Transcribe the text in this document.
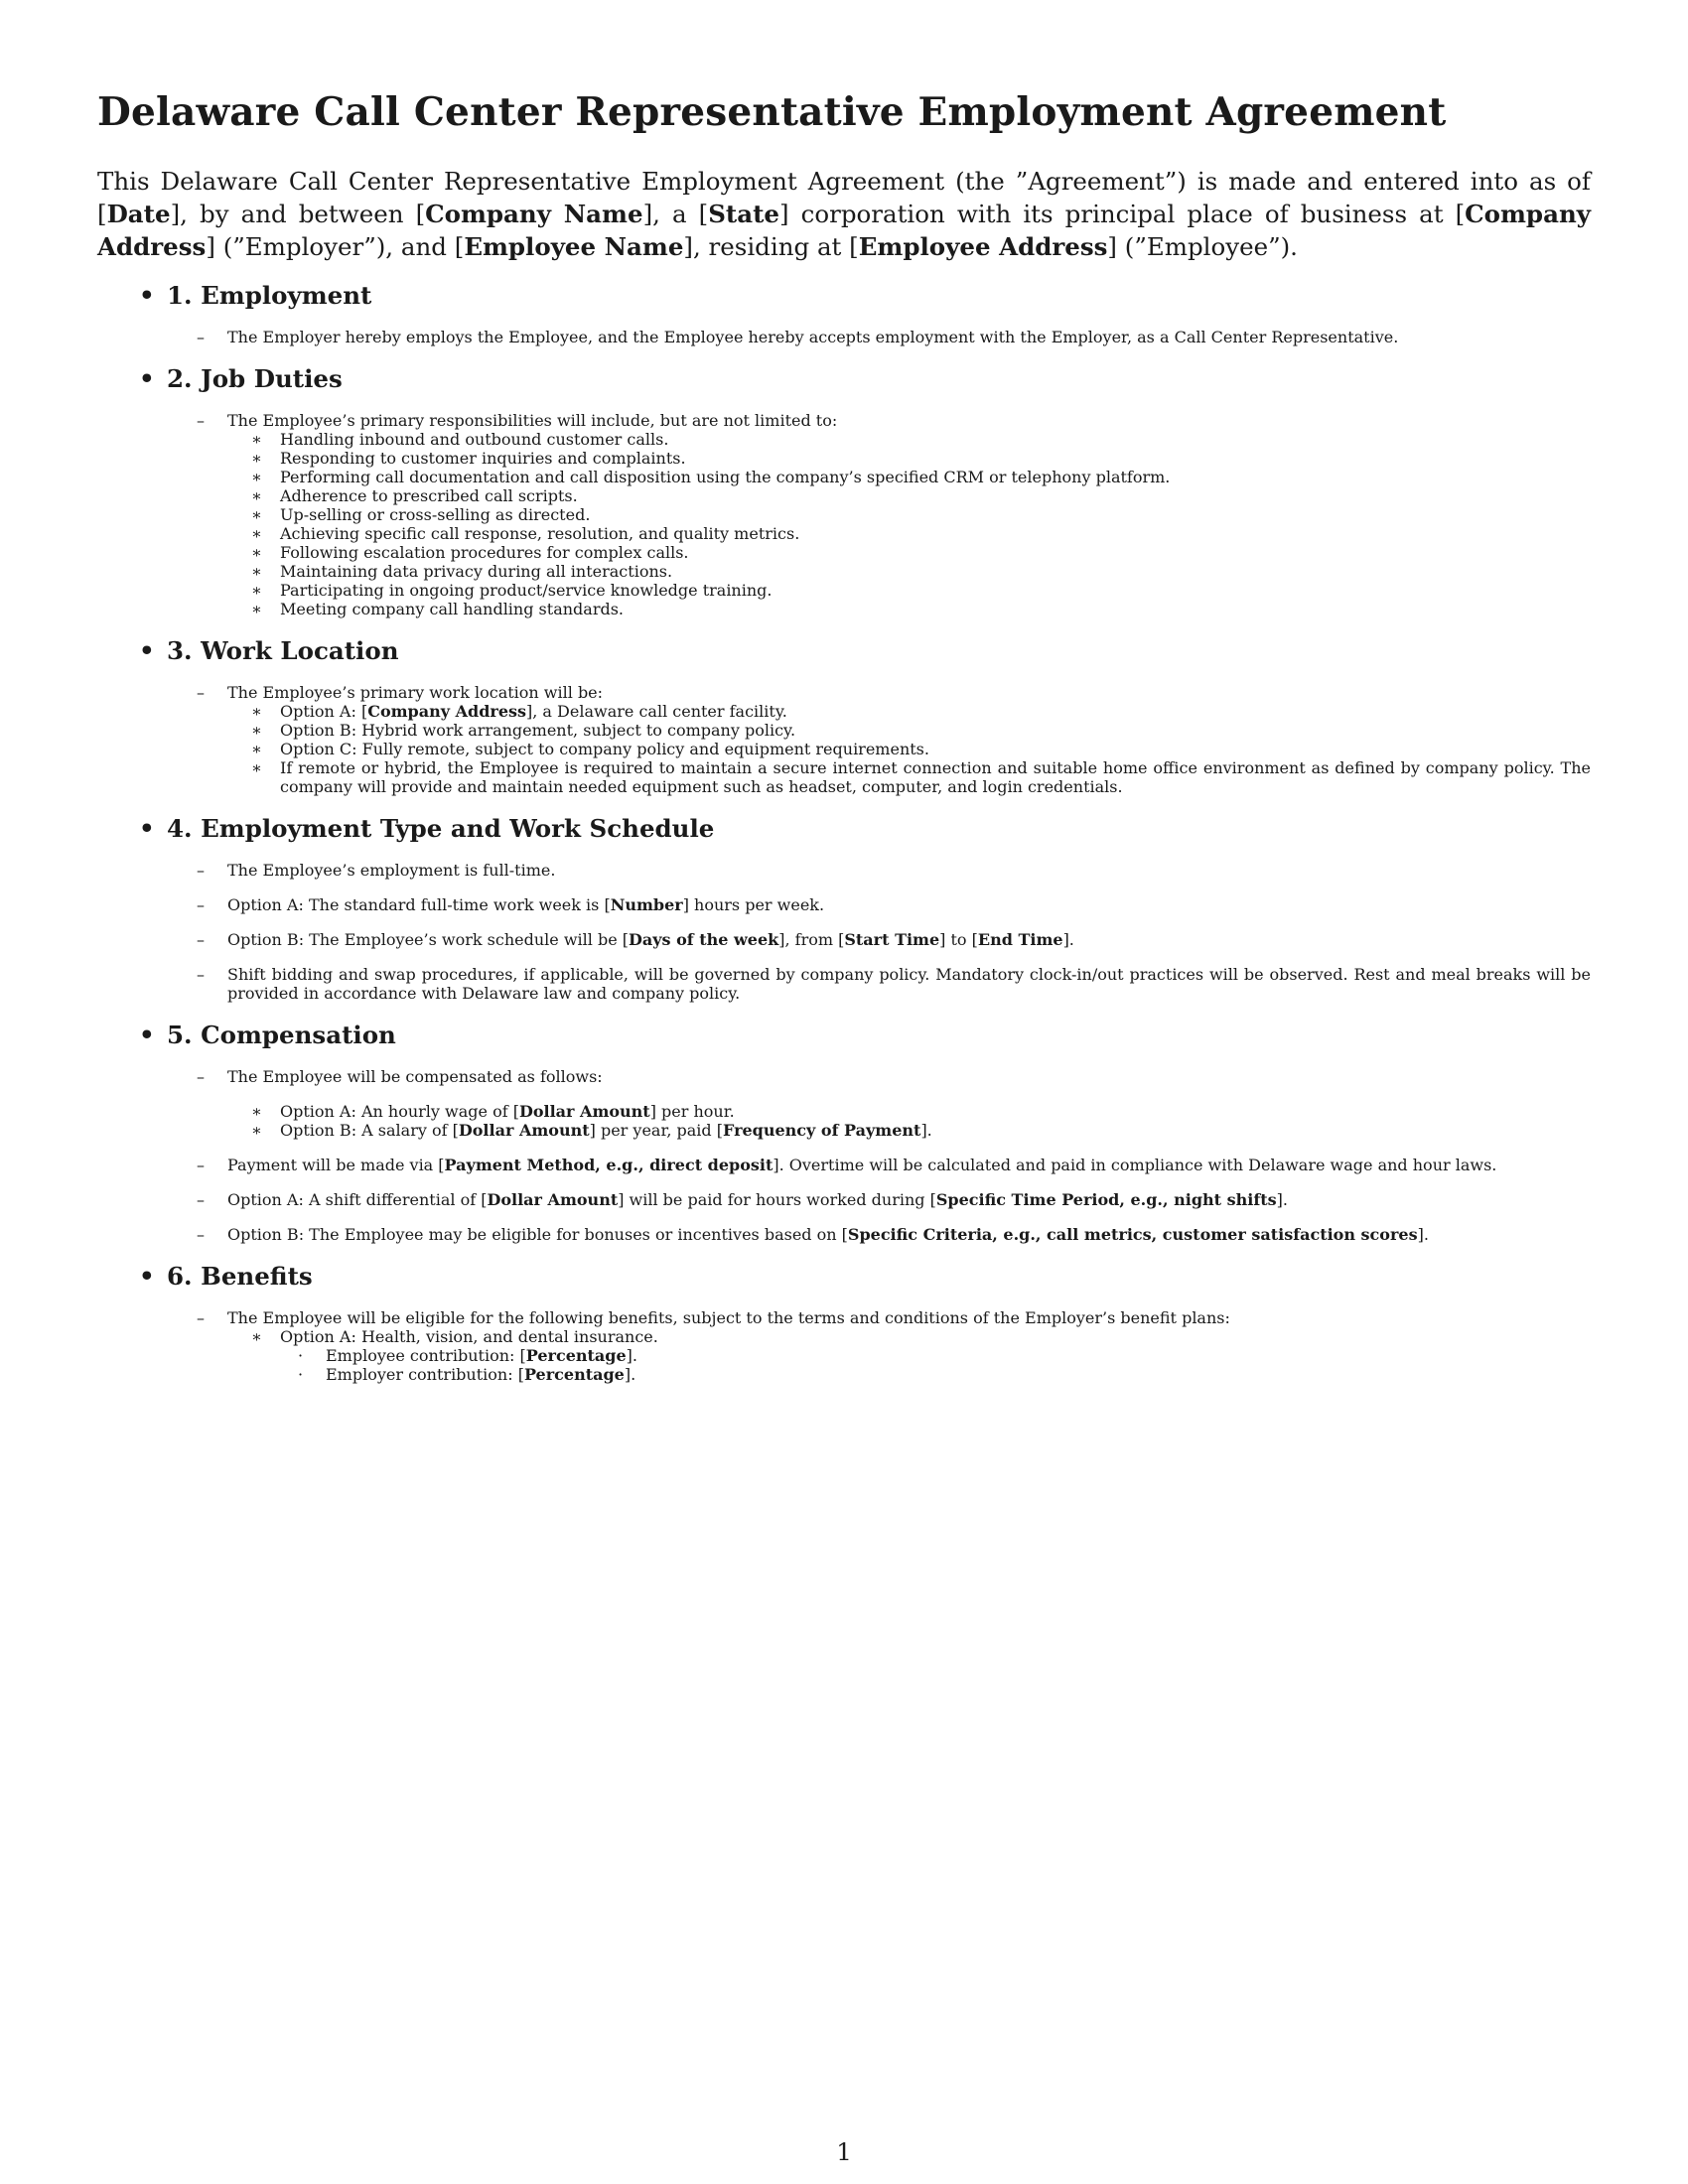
Delaware Call Center Representative Employment Agreement

This Delaware Call Center Representative Employment Agreement (the ”Agreement”) is made and entered into as of [Date], by and between [Company Name], a [State] corporation with its principal place of business at [Company Address] (”Employer”), and [Employee Name], residing at [Employee Address] (”Employee”).

• 1. Employment
– The Employer hereby employs the Employee, and the Employee hereby accepts employment with the Employer, as a Call Center Representative.
• 2. Job Duties
– The Employee’s primary responsibilities will include, but are not limited to:
∗ Handling inbound and outbound customer calls.
∗ Responding to customer inquiries and complaints.
∗ Performing call documentation and call disposition using the company’s specified CRM or telephony platform.
∗ Adherence to prescribed call scripts.
∗ Up-selling or cross-selling as directed.
∗ Achieving specific call response, resolution, and quality metrics.
∗ Following escalation procedures for complex calls.
∗ Maintaining data privacy during all interactions.
∗ Participating in ongoing product/service knowledge training.
∗ Meeting company call handling standards.
• 3. Work Location
– The Employee’s primary work location will be:
∗ Option A: [Company Address], a Delaware call center facility.
∗ Option B: Hybrid work arrangement, subject to company policy.
∗ Option C: Fully remote, subject to company policy and equipment requirements.
∗ If remote or hybrid, the Employee is required to maintain a secure internet connection and suitable home office environment as defined by company policy. The company will provide and maintain needed equipment such as headset, computer, and login credentials.
• 4. Employment Type and Work Schedule
– The Employee’s employment is full-time.
– Option A: The standard full-time work week is [Number] hours per week.
– Option B: The Employee’s work schedule will be [Days of the week], from [Start Time] to [End Time].
– Shift bidding and swap procedures, if applicable, will be governed by company policy. Mandatory clock-in/out practices will be observed. Rest and meal breaks will be provided in accordance with Delaware law and company policy.
• 5. Compensation
– The Employee will be compensated as follows:
∗ Option A: An hourly wage of [Dollar Amount] per hour.
∗ Option B: A salary of [Dollar Amount] per year, paid [Frequency of Payment].
– Payment will be made via [Payment Method, e.g., direct deposit]. Overtime will be calculated and paid in compliance with Delaware wage and hour laws.
– Option A: A shift differential of [Dollar Amount] will be paid for hours worked during [Specific Time Period, e.g., night shifts].
– Option B: The Employee may be eligible for bonuses or incentives based on [Specific Criteria, e.g., call metrics, customer satisfaction scores].
• 6. Benefits
– The Employee will be eligible for the following benefits, subject to the terms and conditions of the Employer’s benefit plans:
∗ Option A: Health, vision, and dental insurance.
· Employee contribution: [Percentage].
· Employer contribution: [Percentage].
1
